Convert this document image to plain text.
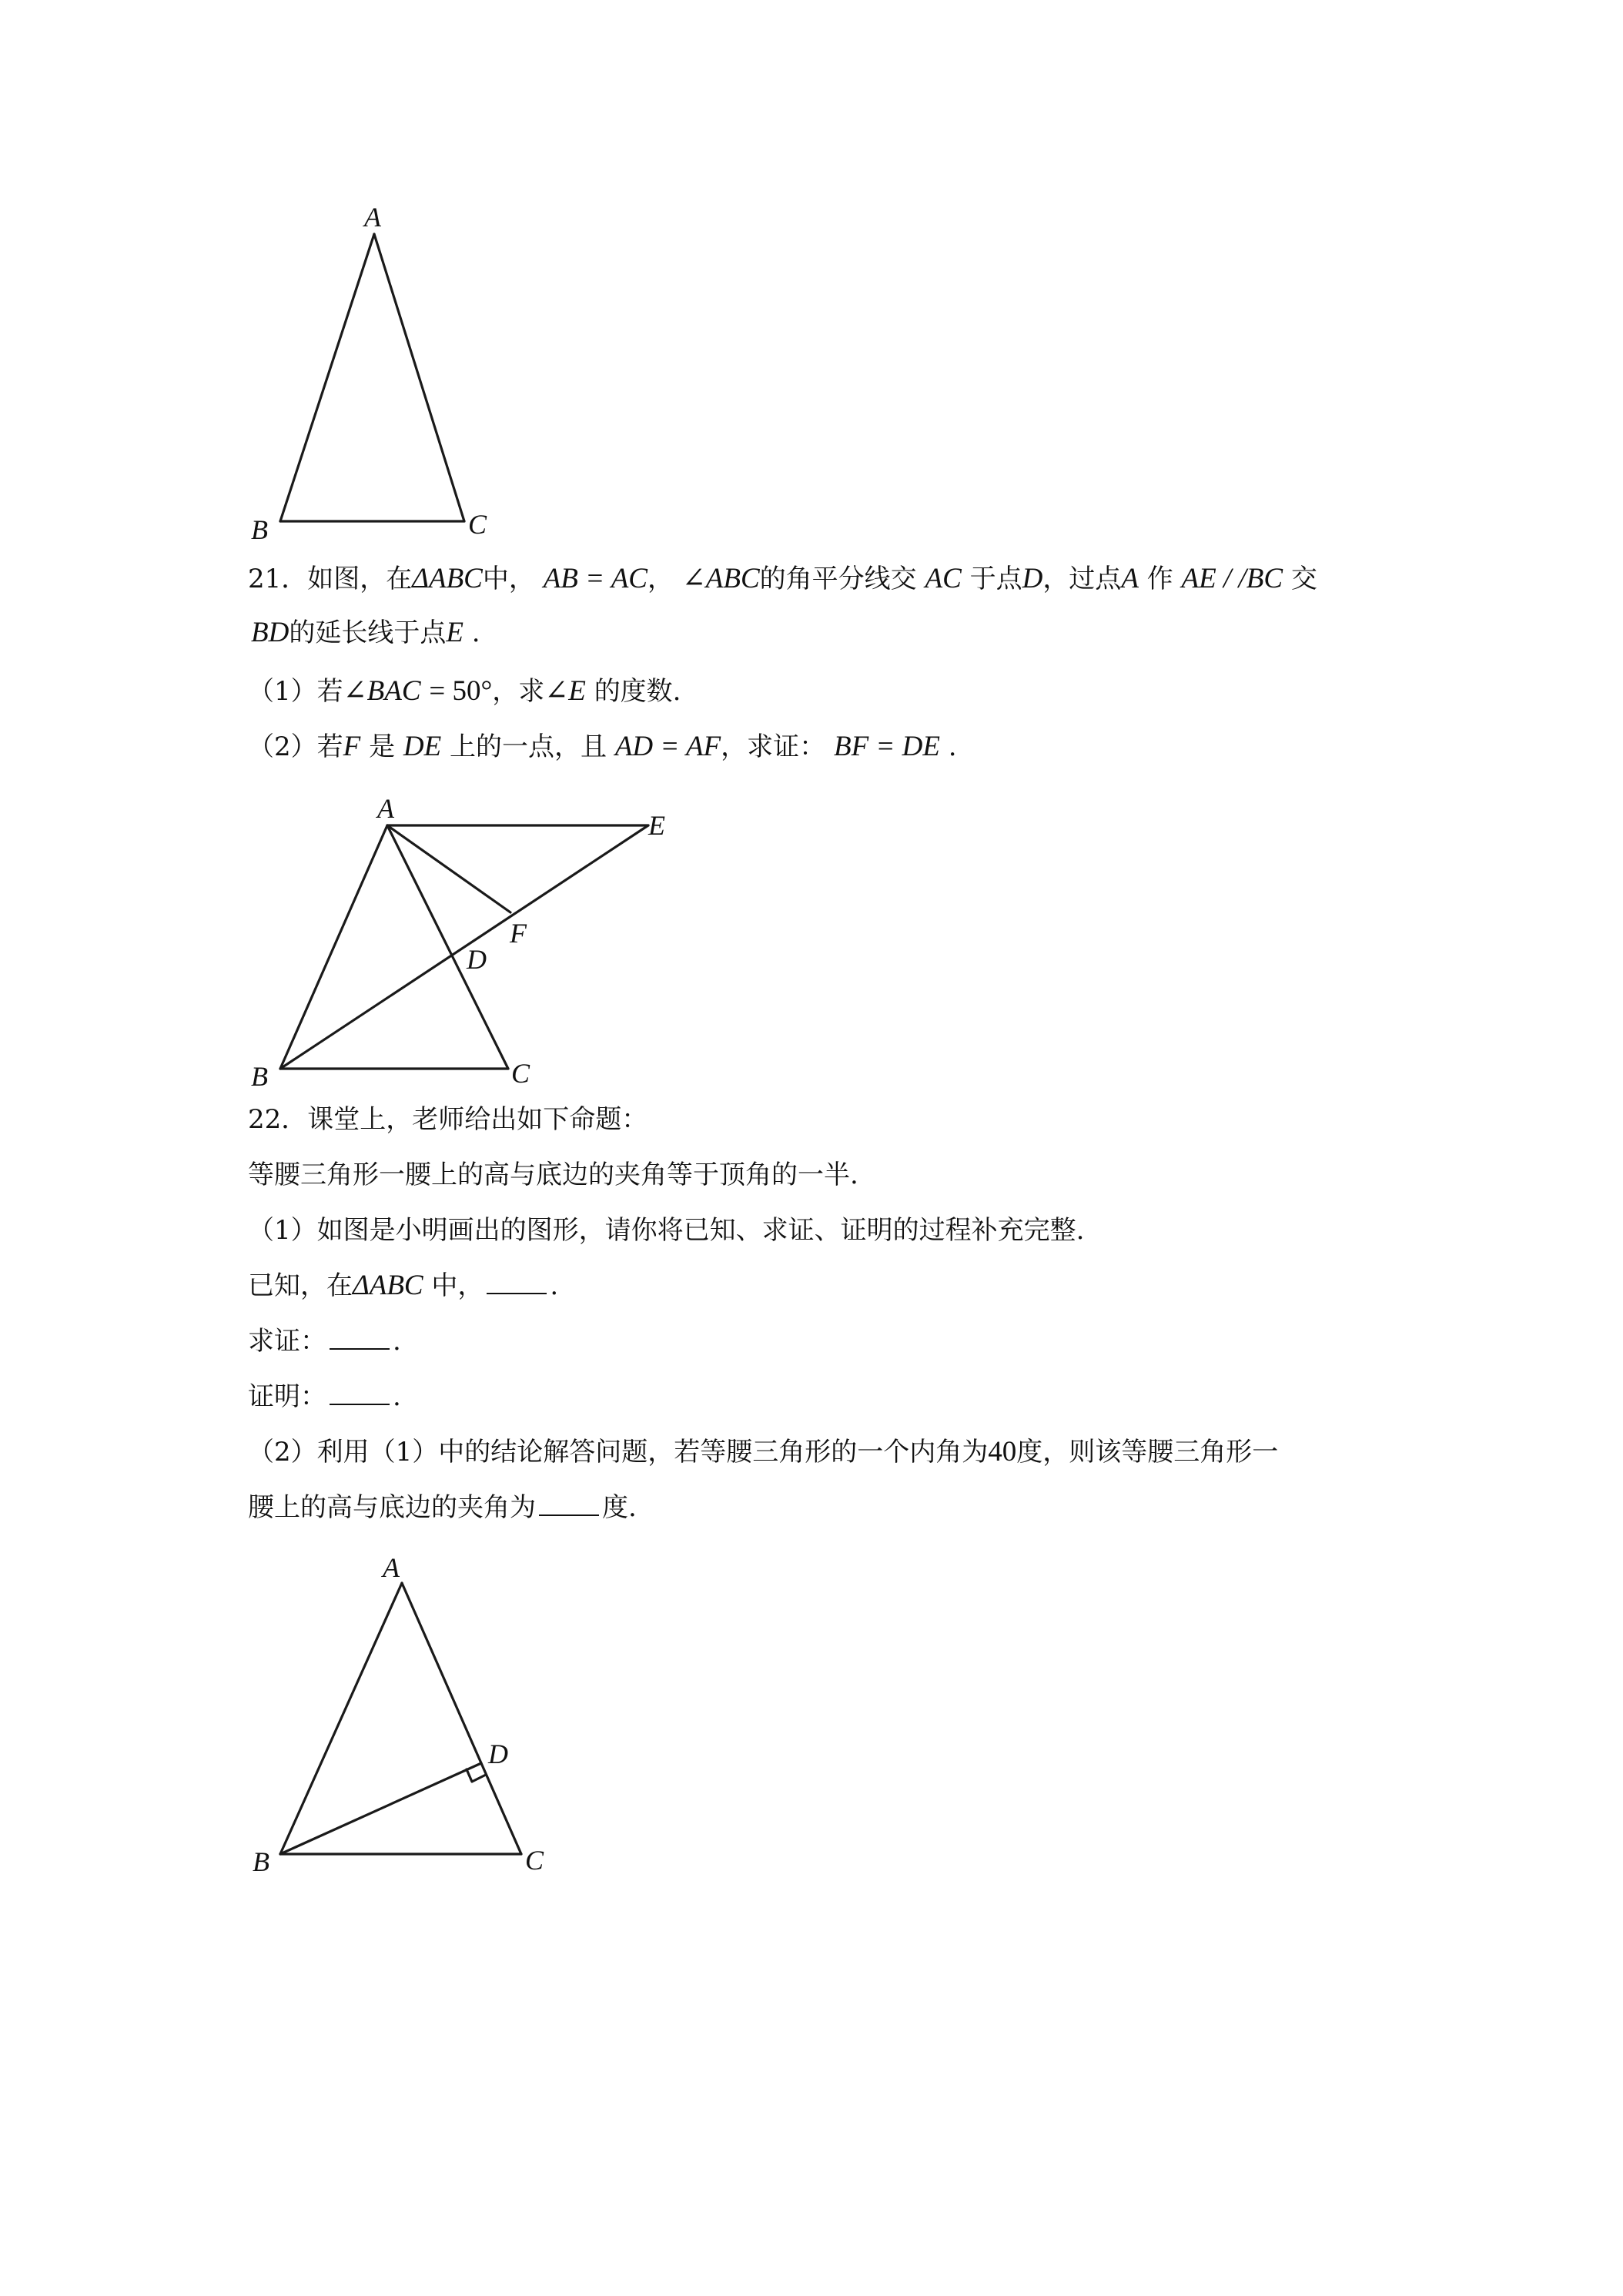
A
B	C
A
E
F
D
B	C
A
D
B	C
21．如图，在ΔABC中， AB = AC， ∠ABC的角平分线交 AC 于点D，过点A 作 AE / /BC 交
BD的延长线于点E .
（1）若∠BAC = 50°，求∠E 的度数.
（2）若F 是 DE 上的一点，且 AD = AF，求证： BF = DE .
22．课堂上，老师给出如下命题：
等腰三角形一腰上的高与底边的夹角等于顶角的一半.
（1）如图是小明画出的图形，请你将已知、求证、证明的过程补充完整.
已知，在ΔABC 中，	.
求证：	.
证明：	.
（2）利用（1）中的结论解答问题，若等腰三角形的一个内角为40度，则该等腰三角形一
腰上的高与底边的夹角为	度.
